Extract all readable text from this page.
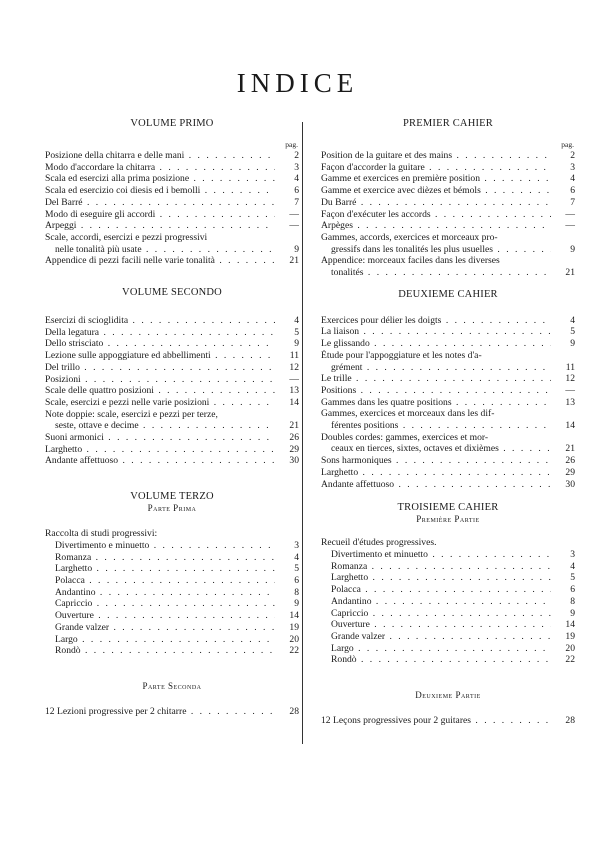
INDICE
VOLUME PRIMO
pag.
Posizione della chitarra e delle mani . . .	2
Modo d'accordare la chitarra . . .	3
Scala ed esercizi alla prima posizione . . .	4
Scala ed esercizio coi diesis ed i bemolli . . .	6
Del Barré . . .	7
Modo di eseguire gli accordi . . .	—
Arpeggi . . .	—
Scale, accordi, esercizi e pezzi progressivi
nelle tonalità più usate . . .	9
Appendice di pezzi facili nelle varie tonalità . . .	21
VOLUME SECONDO
Esercizi di scioglidita . . .	4
Della legatura . . .	5
Dello strisciato . . .	9
Lezione sulle appoggiature ed abbellimenti . . .	11
Del trillo . . .	12
Posizioni . . .	—
Scale delle quattro posizioni . . .	13
Scale, esercizi e pezzi nelle varie posizioni . . .	14
Note doppie: scale, esercizi e pezzi per terze,
seste, ottave e decime . . .	21
Suoni armonici . . .	26
Larghetto . . .	29
Andante affettuoso . . .	30
VOLUME TERZO
Parte Prima
Raccolta di studi progressivi:
Divertimento e minuetto . . .	3
Romanza . . .	4
Larghetto . . .	5
Polacca . . .	6
Andantino . . .	8
Capriccio . . .	9
Ouverture . . .	14
Grande valzer . . .	19
Largo . . .	20
Rondò . . .	22
Parte Seconda
12 Lezioni progressive per 2 chitarre . . .	28
PREMIER CAHIER
pag.
Position de la guitare et des mains . . .	2
Façon d'accorder la guitare . . .	3
Gamme et exercices en première position . . .	4
Gamme et exercice avec dièzes et bémols . . .	6
Du Barré . . .	7
Façon d'exécuter les accords . . .	—
Arpèges . . .	—
Gammes, accords, exercices et morceaux pro-
gressifs dans les tonalités les plus usuelles . . .	9
Appendice: morceaux faciles dans les diverses
tonalités . . .	21
DEUXIEME CAHIER
Exercices pour délier les doigts . . .	4
La liaison . . .	5
Le glissando . . .	9
Étude pour l'appoggiature et les notes d'a-
grément . . .	11
Le trille . . .	12
Positions . . .	—
Gammes dans les quatre positions . . .	13
Gammes, exercices et morceaux dans les dif-
férentes positions . . .	14
Doubles cordes: gammes, exercices et mor-
ceaux en tierces, sixtes, octaves et dixièmes . . .	21
Sons harmoniques . . .	26
Larghetto . . .	29
Andante affettuoso . . .	30
TROISIEME CAHIER
Première Partie
Recueil d'études progressives.
Divertimento et minuetto . . .	3
Romanza . . .	4
Larghetto . . .	5
Polacca . . .	6
Andantino . . .	8
Capriccio . . .	9
Ouverture . . .	14
Grande valzer . . .	19
Largo . . .	20
Rondò . . .	22
Deuxieme Partie
12 Leçons progressives pour 2 guitares . . .	28
